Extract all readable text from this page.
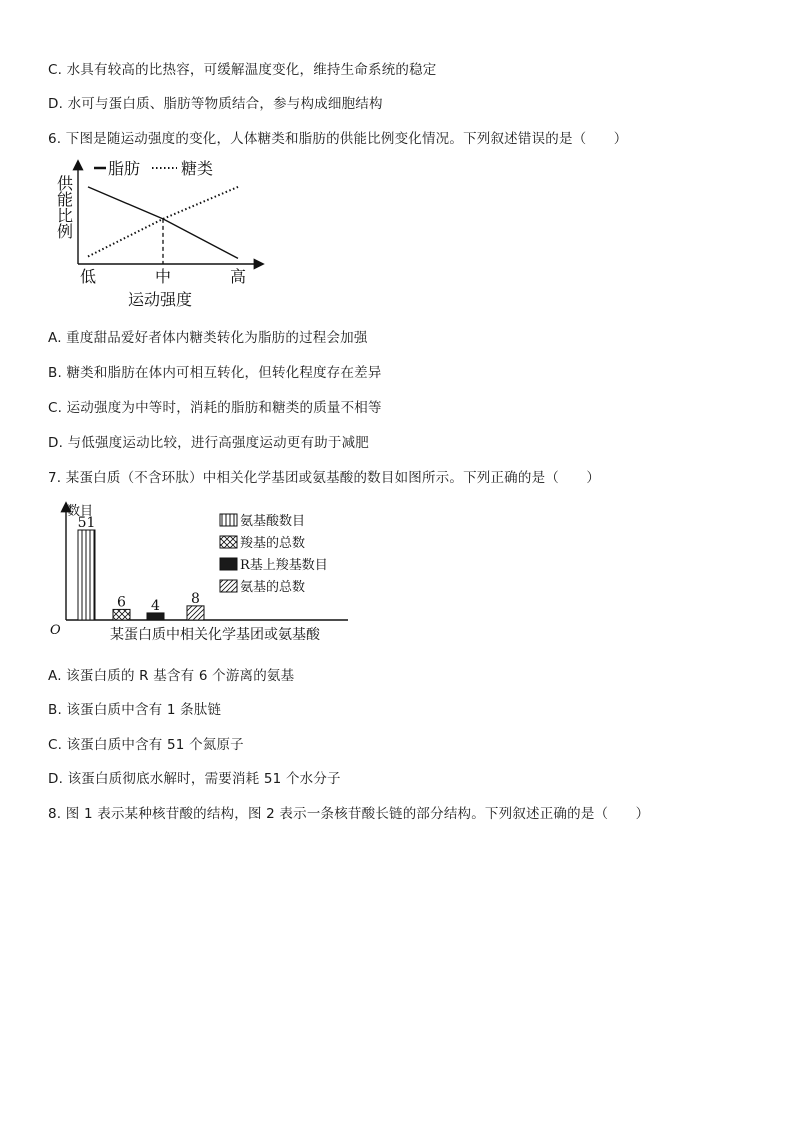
C. 水具有较高的比热容，可缓解温度变化，维持生命系统的稳定
D. 水可与蛋白质、脂肪等物质结合，参与构成细胞结构
6. 下图是随运动强度的变化，人体糖类和脂肪的供能比例变化情况。下列叙述错误的是（　　）
脂肪	糖类
供能比例
低	中	高
运动强度
A. 重度甜品爱好者体内糖类转化为脂肪的过程会加强
B. 糖类和脂肪在体内可相互转化，但转化程度存在差异
C. 运动强度为中等时，消耗的脂肪和糖类的质量不相等
D. 与低强度运动比较，进行高强度运动更有助于减肥
7. 某蛋白质（不含环肽）中相关化学基团或氨基酸的数目如图所示。下列正确的是（　　）
数目
O
51
6 4 8
某蛋白质中相关化学基团或氨基酸
氨基酸数目
羧基的总数
R基上羧基数目
氨基的总数
A. 该蛋白质的 R 基含有 6 个游离的氨基
B. 该蛋白质中含有 1 条肽链
C. 该蛋白质中含有 51 个氮原子
D. 该蛋白质彻底水解时，需要消耗 51 个水分子
8. 图 1 表示某种核苷酸的结构，图 2 表示一条核苷酸长链的部分结构。下列叙述正确的是（　　）
